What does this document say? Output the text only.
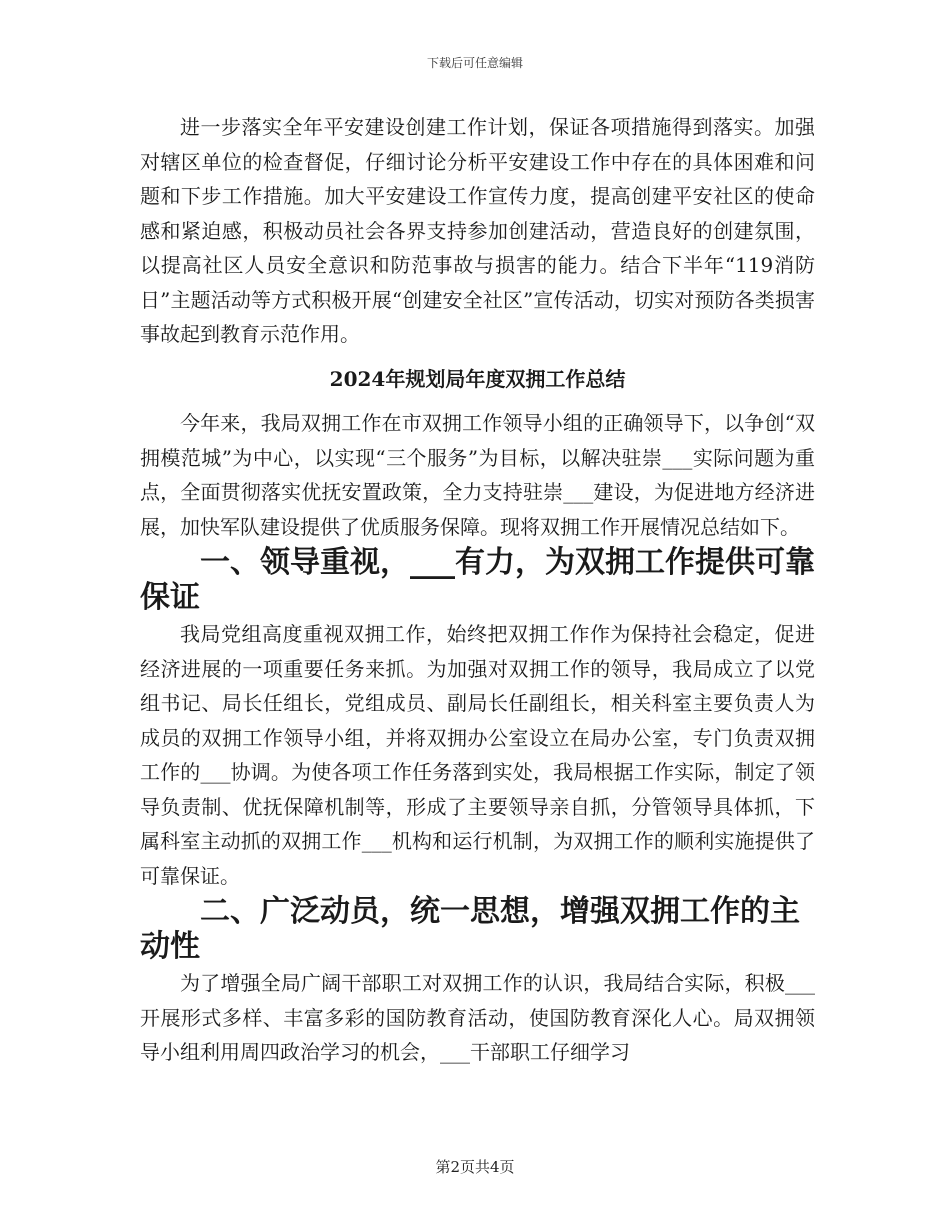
下载后可任意编辑

进一步落实全年平安建设创建工作计划，保证各项措施得到落实。加强对辖区单位的检查督促，仔细讨论分析平安建设工作中存在的具体困难和问题和下步工作措施。加大平安建设工作宣传力度，提高创建平安社区的使命感和紧迫感，积极动员社会各界支持参加创建活动，营造良好的创建氛围，以提高社区人员安全意识和防范事故与损害的能力。结合下半年“119消防日”主题活动等方式积极开展“创建安全社区”宣传活动，切实对预防各类损害事故起到教育示范作用。

2024年规划局年度双拥工作总结

今年来，我局双拥工作在市双拥工作领导小组的正确领导下，以争创“双拥模范城”为中心，以实现“三个服务”为目标，以解决驻崇___实际问题为重点，全面贯彻落实优抚安置政策，全力支持驻崇___建设，为促进地方经济进展，加快军队建设提供了优质服务保障。现将双拥工作开展情况总结如下。

一、领导重视，___有力，为双拥工作提供可靠保证

我局党组高度重视双拥工作，始终把双拥工作作为保持社会稳定，促进经济进展的一项重要任务来抓。为加强对双拥工作的领导，我局成立了以党组书记、局长任组长，党组成员、副局长任副组长，相关科室主要负责人为成员的双拥工作领导小组，并将双拥办公室设立在局办公室，专门负责双拥工作的___协调。为使各项工作任务落到实处，我局根据工作实际，制定了领导负责制、优抚保障机制等，形成了主要领导亲自抓，分管领导具体抓，下属科室主动抓的双拥工作___机构和运行机制，为双拥工作的顺利实施提供了可靠保证。

二、广泛动员，统一思想，增强双拥工作的主动性

为了增强全局广阔干部职工对双拥工作的认识，我局结合实际，积极___开展形式多样、丰富多彩的国防教育活动，使国防教育深化人心。局双拥领导小组利用周四政治学习的机会，___干部职工仔细学习

第2页共4页
